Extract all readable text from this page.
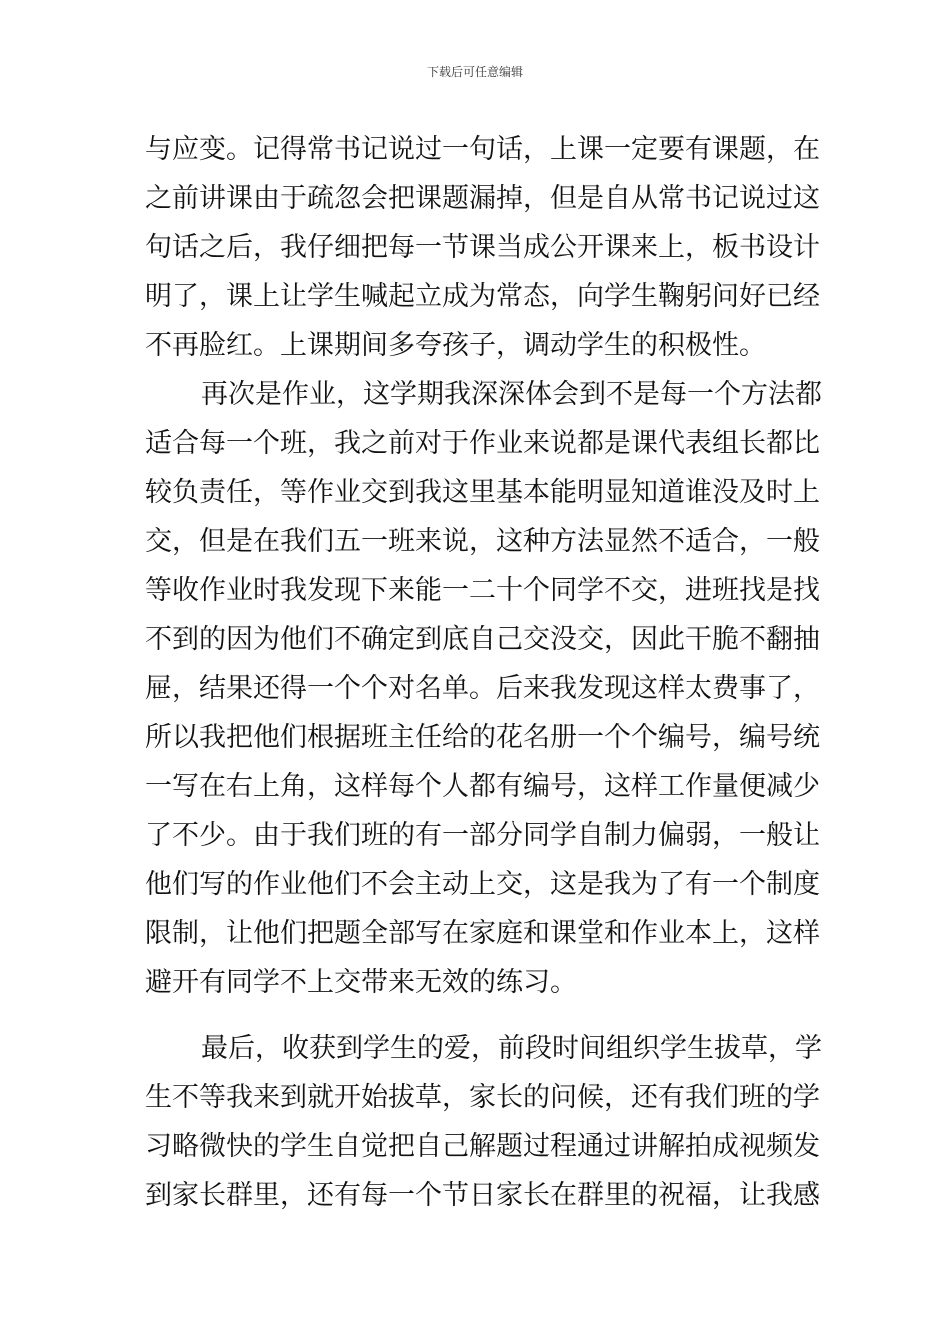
下载后可任意编辑
与应变。记得常书记说过一句话，上课一定要有课题，在
之前讲课由于疏忽会把课题漏掉，但是自从常书记说过这
句话之后，我仔细把每一节课当成公开课来上，板书设计
明了，课上让学生喊起立成为常态，向学生鞠躬问好已经
不再脸红。上课期间多夸孩子，调动学生的积极性。
再次是作业，这学期我深深体会到不是每一个方法都
适合每一个班，我之前对于作业来说都是课代表组长都比
较负责任，等作业交到我这里基本能明显知道谁没及时上
交，但是在我们五一班来说，这种方法显然不适合，一般
等收作业时我发现下来能一二十个同学不交，进班找是找
不到的因为他们不确定到底自己交没交，因此干脆不翻抽
屉，结果还得一个个对名单。后来我发现这样太费事了，
所以我把他们根据班主任给的花名册一个个编号，编号统
一写在右上角，这样每个人都有编号，这样工作量便减少
了不少。由于我们班的有一部分同学自制力偏弱，一般让
他们写的作业他们不会主动上交，这是我为了有一个制度
限制，让他们把题全部写在家庭和课堂和作业本上，这样
避开有同学不上交带来无效的练习。
最后，收获到学生的爱，前段时间组织学生拔草，学
生不等我来到就开始拔草，家长的问候，还有我们班的学
习略微快的学生自觉把自己解题过程通过讲解拍成视频发
到家长群里，还有每一个节日家长在群里的祝福，让我感
